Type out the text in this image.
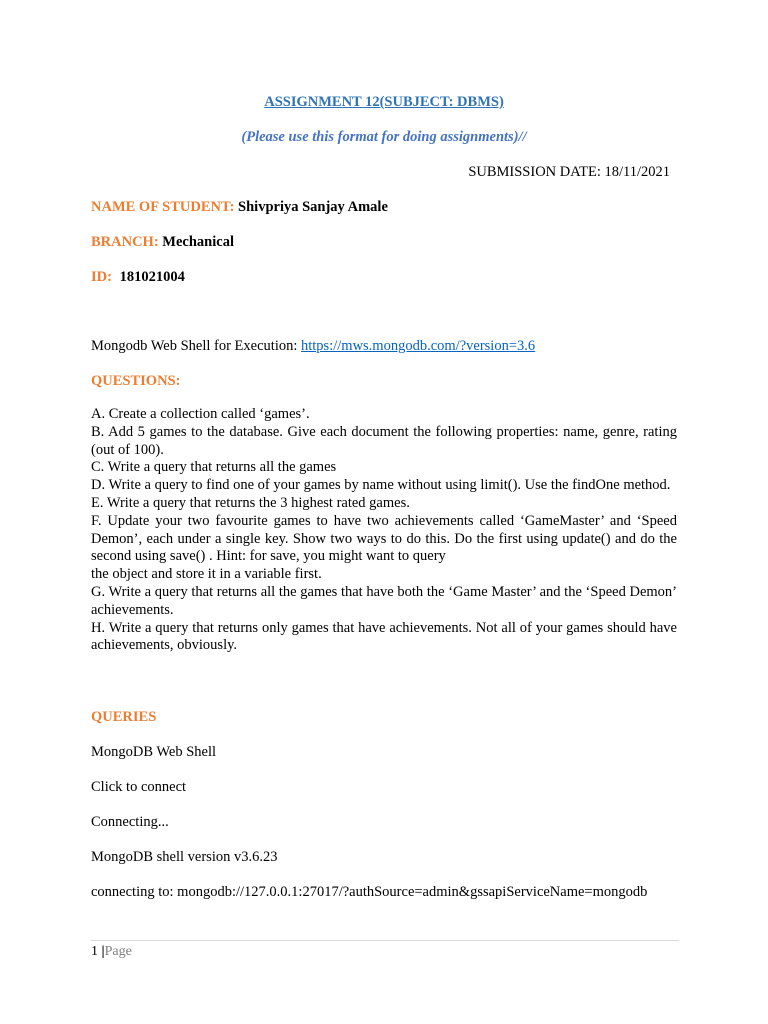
ASSIGNMENT 12(SUBJECT: DBMS)
(Please use this format for doing assignments)//
SUBMISSION DATE: 18/11/2021
NAME OF STUDENT: Shivpriya Sanjay Amale
BRANCH: Mechanical
ID: 181021004
Mongodb Web Shell for Execution: https://mws.mongodb.com/?version=3.6
QUESTIONS:

A. Create a collection called ‘games’.

B. Add 5 games to the database. Give each document the following properties: name, genre, rating (out of 100).

C. Write a query that returns all the games

D. Write a query to find one of your games by name without using limit(). Use the findOne method.

E. Write a query that returns the 3 highest rated games.

F. Update your two favourite games to have two achievements called ‘GameMaster’ and ‘Speed Demon’, each under a single key. Show two ways to do this. Do the first using update() and do the second using save() . Hint: for save, you might want to query

the object and store it in a variable first.

G. Write a query that returns all the games that have both the ‘Game Master’ and the ‘Speed Demon’ achievements.

H. Write a query that returns only games that have achievements. Not all of your games should have achievements, obviously.

QUERIES
MongoDB Web Shell
Click to connect
Connecting...
MongoDB shell version v3.6.23
connecting to: mongodb://127.0.0.1:27017/?authSource=admin&gssapiServiceName=mongodb
1 |Page
